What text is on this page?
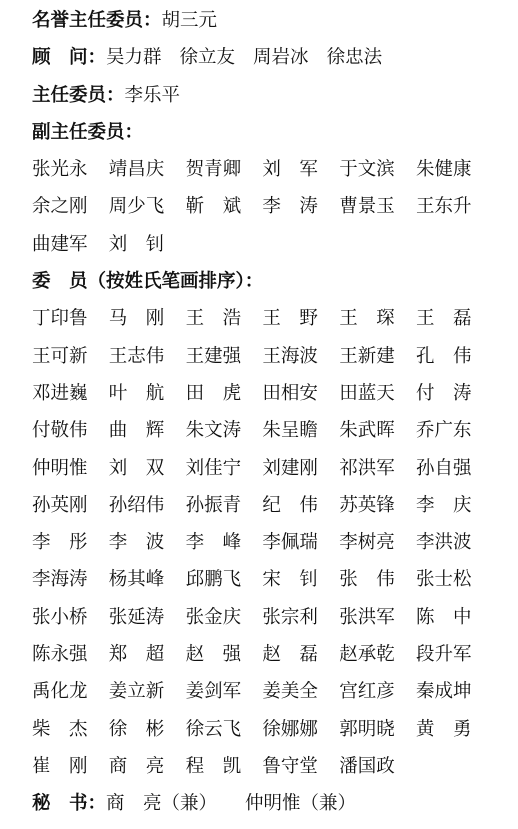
名誉主任委员：胡三元
顾　问：吴力群 徐立友 周岩冰 徐忠法
主任委员：李乐平
副主任委员：
张光永	靖昌庆	贺青卿	刘　军	于文滨	朱健康
余之刚	周少飞	靳　斌	李　涛	曹景玉	王东升
曲建军	刘　钊
委　员（按姓氏笔画排序）：
丁印鲁	马　刚	王　浩	王　野	王　琛	王　磊
王可新	王志伟	王建强	王海波	王新建	孔　伟
邓进巍	叶　航	田　虎	田相安	田蓝天	付　涛
付敬伟	曲　辉	朱文涛	朱呈瞻	朱武晖	乔广东
仲明惟	刘　双	刘佳宁	刘建刚	祁洪军	孙自强
孙英刚	孙绍伟	孙振青	纪　伟	苏英锋	李　庆
李　彤	李　波	李　峰	李佩瑞	李树亮	李洪波
李海涛	杨其峰	邱鹏飞	宋　钊	张　伟	张士松
张小桥	张延涛	张金庆	张宗利	张洪军	陈　中
陈永强	郑　超	赵　强	赵　磊	赵承乾	段升军
禹化龙	姜立新	姜剑军	姜美全	宫红彦	秦成坤
柴　杰	徐　彬	徐云飞	徐娜娜	郭明晓	黄　勇
崔　刚	商　亮	程　凯	鲁守堂	潘国政
秘　书：商　亮（兼） 仲明惟（兼）
